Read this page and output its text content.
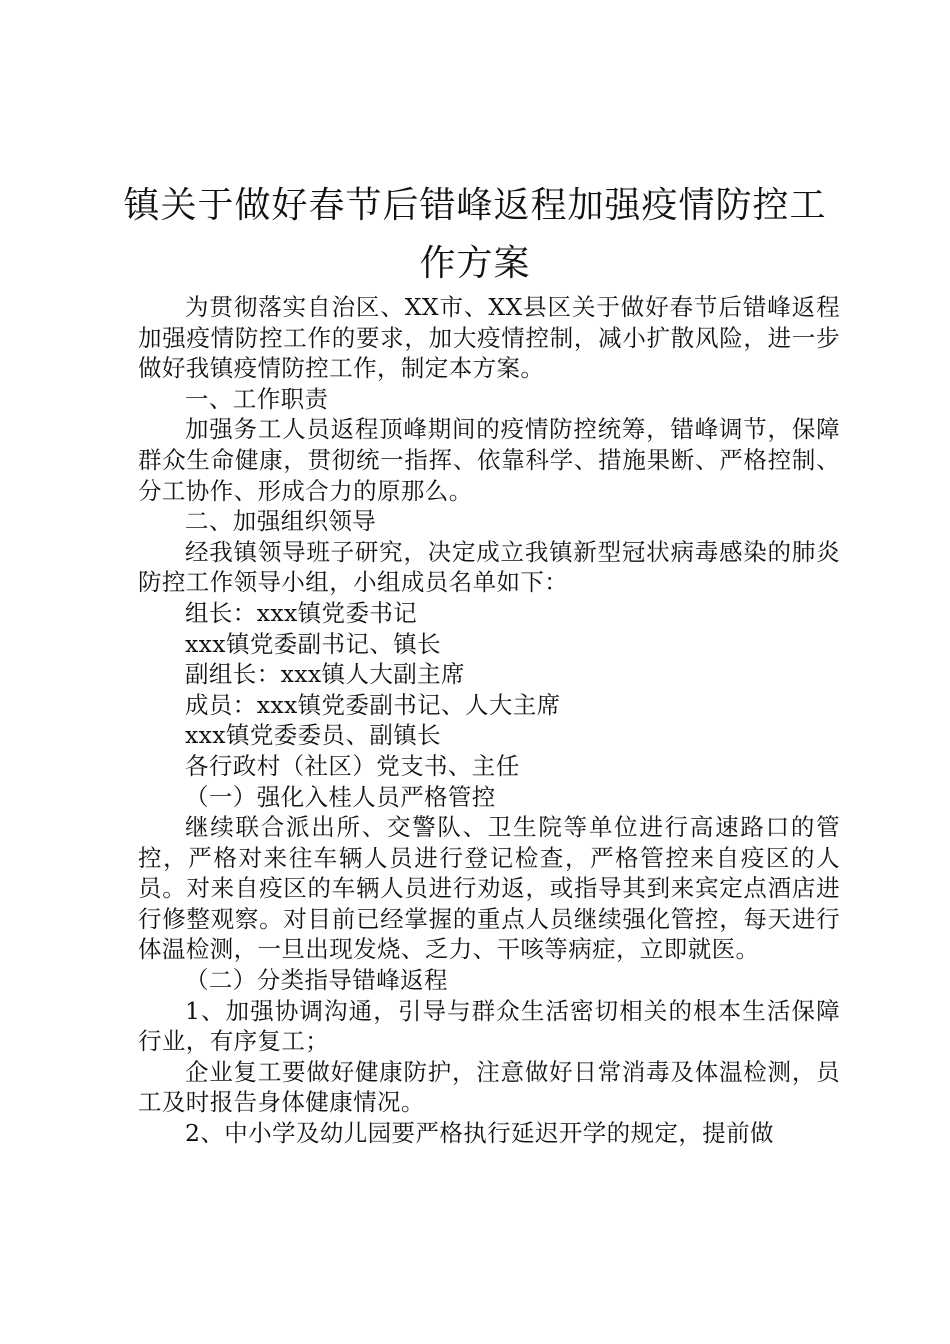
镇关于做好春节后错峰返程加强疫情防控工
作方案

为贯彻落实自治区、XX市、XX县区关于做好春节后错峰返程加强疫情防控工作的要求，加大疫情控制，减小扩散风险，进一步做好我镇疫情防控工作，制定本方案。

一、工作职责

加强务工人员返程顶峰期间的疫情防控统筹，错峰调节，保障群众生命健康，贯彻统一指挥、依靠科学、措施果断、严格控制、分工协作、形成合力的原那么。

二、加强组织领导

经我镇领导班子研究，决定成立我镇新型冠状病毒感染的肺炎防控工作领导小组，小组成员名单如下：

组长：xxx镇党委书记

xxx镇党委副书记、镇长

副组长：xxx镇人大副主席

成员：xxx镇党委副书记、人大主席

xxx镇党委委员、副镇长

各行政村（社区）党支书、主任

（一）强化入桂人员严格管控

继续联合派出所、交警队、卫生院等单位进行高速路口的管控，严格对来往车辆人员进行登记检查，严格管控来自疫区的人员。对来自疫区的车辆人员进行劝返，或指导其到来宾定点酒店进行修整观察。对目前已经掌握的重点人员继续强化管控，每天进行体温检测，一旦出现发烧、乏力、干咳等病症，立即就医。

（二）分类指导错峰返程

1、加强协调沟通，引导与群众生活密切相关的根本生活保障行业，有序复工；

企业复工要做好健康防护，注意做好日常消毒及体温检测，员工及时报告身体健康情况。

2、中小学及幼儿园要严格执行延迟开学的规定，提前做
